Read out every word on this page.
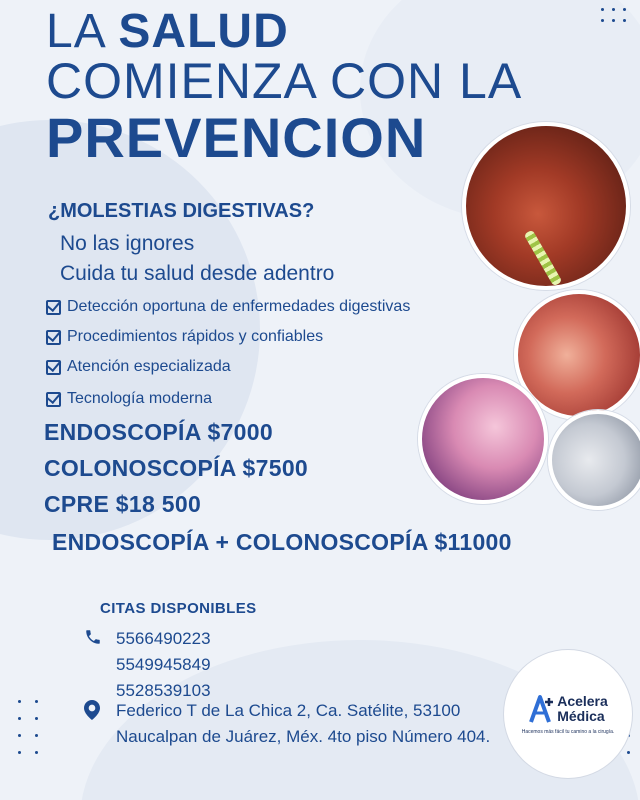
LA SALUD
COMIENZA CON LA
PREVENCION
¿MOLESTIAS DIGESTIVAS?
No las ignores
Cuida tu salud desde adentro
Detección oportuna de enfermedades digestivas
Procedimientos rápidos y confiables
Atención especializada
Tecnología moderna
ENDOSCOPÍA $7000
COLONOSCOPÍA $7500
CPRE $18 500
ENDOSCOPÍA + COLONOSCOPÍA $11000
CITAS DISPONIBLES
5566490223
5549945849
5528539103
Federico T de La Chica 2, Ca. Satélite, 53100 Naucalpan de Juárez, Méx. 4to piso Número 404.
Acelera
Médica
Hacemos más fácil tu camino a la cirugía.
